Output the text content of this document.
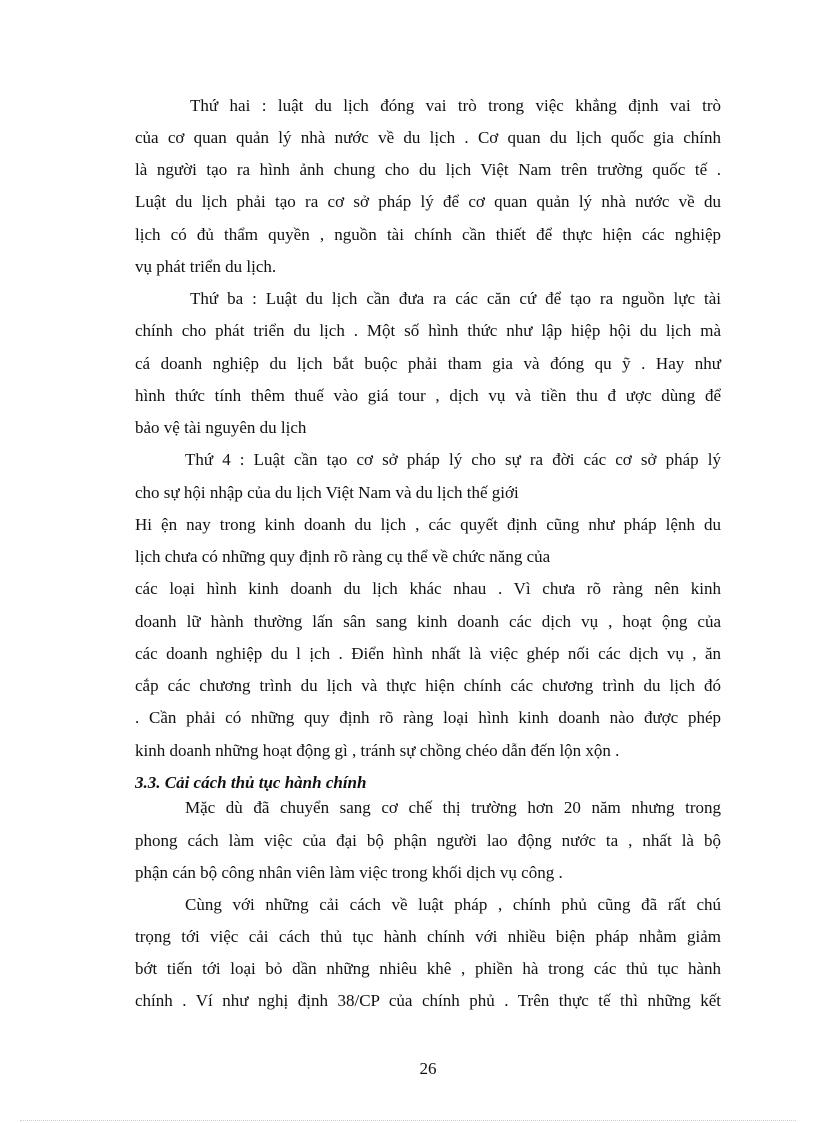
Thứ hai : luật du lịch đóng vai trò trong việc khẳng định vai trò
của cơ quan quản lý nhà nước về du lịch . Cơ quan du lịch quốc gia chính
là người tạo ra hình ảnh chung cho du lịch Việt Nam trên trường quốc tế .
Luật du lịch phải tạo ra cơ sở pháp lý để cơ quan quản lý nhà nước về du
lịch có đủ thẩm quyền , nguồn tài chính cần thiết để thực hiện các nghiệp
vụ phát triển du lịch.
Thứ ba : Luật du lịch cần đưa ra các căn cứ để tạo ra nguồn lực tài
chính cho phát triển du lịch . Một số hình thức như lập hiệp hội du lịch mà
cá doanh nghiệp du lịch bắt buộc phải tham gia và đóng qu ỹ . Hay như
hình thức tính thêm thuế vào giá tour , dịch vụ và tiền thu đ ược dùng để
bảo vệ tài nguyên du lịch
Thứ 4 : Luật cần tạo cơ sở pháp lý cho sự ra đời các cơ sở pháp lý
cho sự hội nhập của du lịch Việt Nam và du lịch thế giới
Hi ện nay trong kinh doanh du lịch , các quyết định cũng như pháp lệnh du
lịch chưa có những quy định rõ ràng cụ thể về chức năng của
các loại hình kinh doanh du lịch khác nhau . Vì chưa rõ ràng nên kinh
doanh lữ hành thường lấn sân sang kinh doanh các dịch vụ , hoạt ộng của
các doanh nghiệp du l ịch . Điển hình nhất là việc ghép nối các dịch vụ , ăn
cắp các chương trình du lịch và thực hiện chính các chương trình du lịch đó
. Cần phải có những quy định rõ ràng loại hình kinh doanh nào được phép
kinh doanh những hoạt động gì , tránh sự chồng chéo dẫn đến lộn xộn .
3.3. Cải cách thủ tục hành chính
Mặc dù đã chuyển sang cơ chế thị trường hơn 20 năm nhưng trong
phong cách làm việc của đại bộ phận người lao động nước ta , nhất là bộ
phận cán bộ công nhân viên làm việc trong khối dịch vụ công .
Cùng với những cải cách về luật pháp , chính phủ cũng đã rất chú
trọng tới việc cải cách thủ tục hành chính với nhiều biện pháp nhằm giảm
bớt tiến tới loại bỏ dần những nhiêu khê , phiền hà trong các thủ tục hành
chính . Ví như nghị định 38/CP của chính phủ . Trên thực tế thì những kết
26
